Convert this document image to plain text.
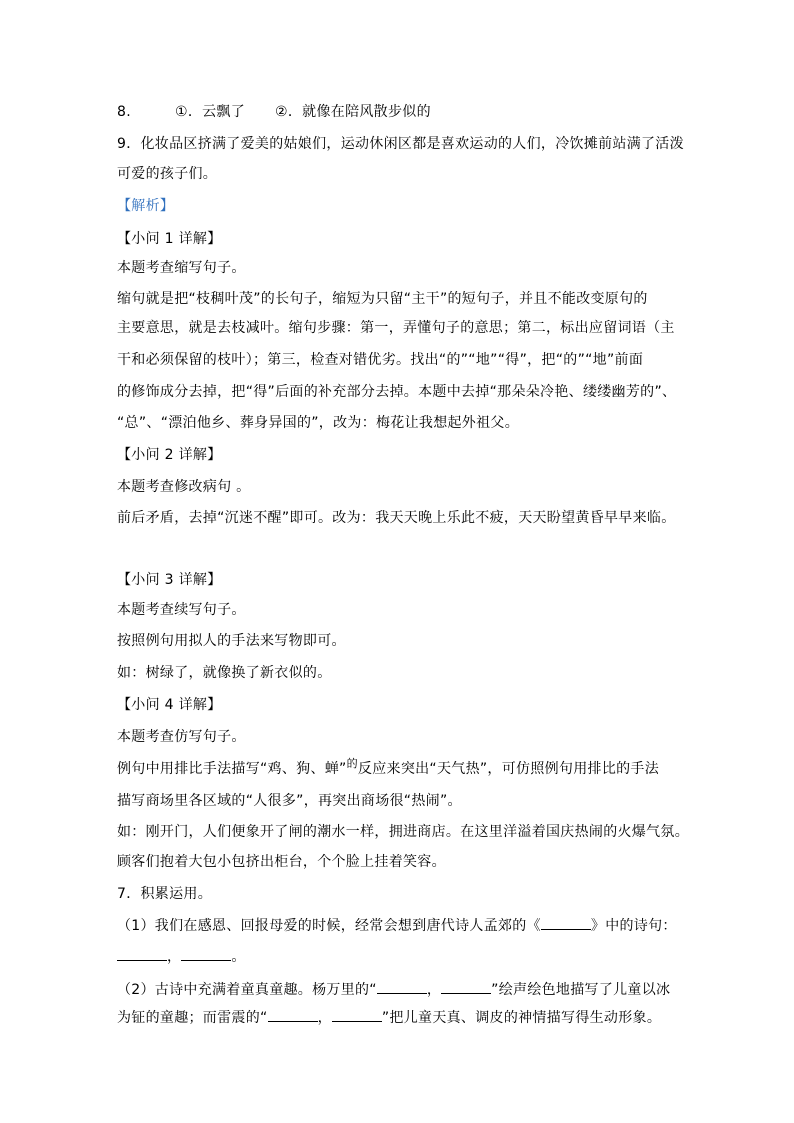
8.	①．云飘了 ②．就像在陪风散步似的
9．化妆品区挤满了爱美的姑娘们，运动休闲区都是喜欢运动的人们，冷饮摊前站满了活泼
可爱的孩子们。
【解析】
【小问 1 详解】
本题考查缩写句子。
缩句就是把“枝稠叶茂”的长句子，缩短为只留“主干”的短句子，并且不能改变原句的
主要意思，就是去枝减叶。缩句步骤：第一，弄懂句子的意思；第二，标出应留词语（主
干和必须保留的枝叶）；第三，检查对错优劣。找出“的”“地”“得”，把“的”“地”前面
的修饰成分去掉，把“得”后面的补充部分去掉。本题中去掉“那朵朵冷艳、缕缕幽芳的”、
“总”、“漂泊他乡、葬身异国的”，改为：梅花让我想起外祖父。
【小问 2 详解】
本题考查修改病句 。
前后矛盾，去掉“沉迷不醒”即可。改为：我天天晚上乐此不疲，天天盼望黄昏早早来临。
【小问 3 详解】
本题考查续写句子。
按照例句用拟人的手法来写物即可。
如：树绿了，就像换了新衣似的。
【小问 4 详解】
本题考查仿写句子。
例句中用排比手法描写“鸡、狗、蝉”$^的$反应来突出“天气热”，可仿照例句用排比的手法
描写商场里各区域的“人很多”，再突出商场很“热闹”。
如：刚开门，人们便象开了闸的潮水一样，拥进商店。在这里洋溢着国庆热闹的火爆气氛。
顾客们抱着大包小包挤出柜台，个个脸上挂着笑容。
7．积累运用。
（1）我们在感恩、回报母爱的时候，经常会想到唐代诗人孟郊的《	》中的诗句：
，	。
（2）古诗中充满着童真童趣。杨万里的“	，	”绘声绘色地描写了儿童以冰
为钲的童趣；而雷震的“	，	”把儿童天真、调皮的神情描写得生动形象。
